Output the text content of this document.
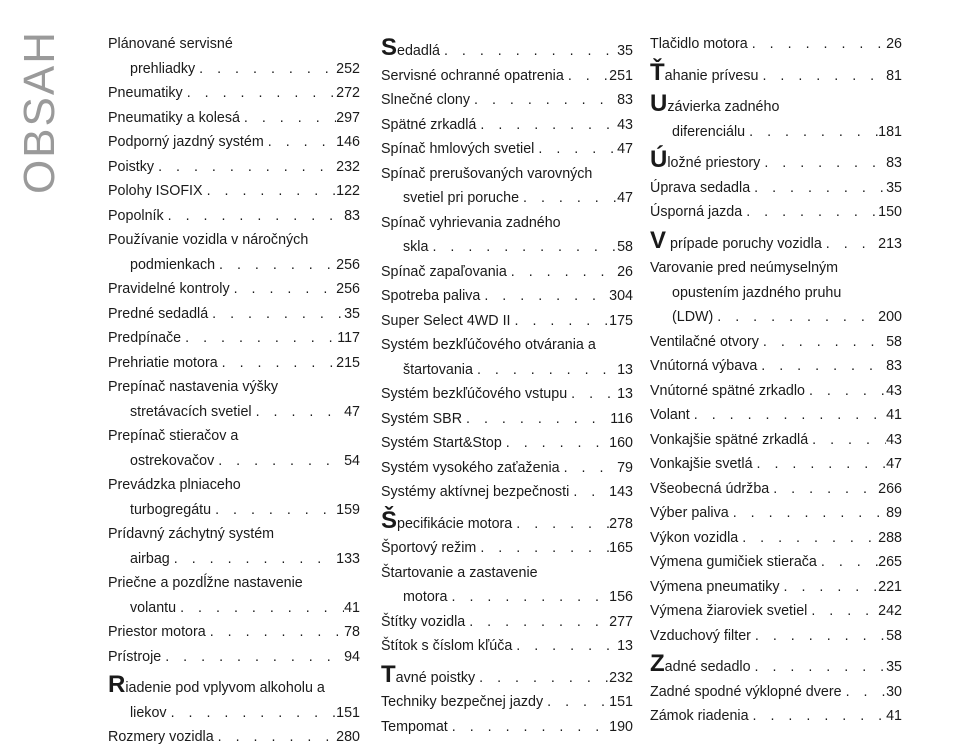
OBSAH	Plánované servisné
prehliadky . . .	252
Pneumatiky . . .	272
Pneumatiky a kolesá . . .	297
Podporný jazdný systém . . .	146
Poistky . . .	232
Polohy ISOFIX . . .	122
Popolník . . .	83
Používanie vozidla v náročných
podmienkach . . .	256
Pravidelné kontroly . . .	256
Predné sedadlá . . .	35
Predpínače . . .	117
Prehriatie motora . . .	215
Prepínač nastavenia výšky
stretávacích svetiel . . .	47
Prepínač stieračov a
ostrekovačov . . .	54
Prevádzka plniaceho
turbogregátu . . .	159
Prídavný záchytný systém
airbag . . .	133
Priečne a pozdĺžne nastavenie
volantu . . .	41
Priestor motora . . .	78
Prístroje . . .	94
Riadenie pod vplyvom alkoholu a
liekov . . .	151
Rozmery vozidla . . .	280
Sedadlá . . .	35
Servisné ochranné opatrenia . . .	251
Slnečné clony . . .	83
Spätné zrkadlá . . .	43
Spínač hmlových svetiel . . .	47
Spínač prerušovaných varovných
svetiel pri poruche . . .	47
Spínač vyhrievania zadného
skla . . .	58
Spínač zapaľovania . . .	26
Spotreba paliva . . .	304
Super Select 4WD II . . .	175
Systém bezkľúčového otvárania a
štartovania . . .	13
Systém bezkľúčového vstupu . . .	13
Systém SBR . . .	116
Systém Start&Stop . . .	160
Systém vysokého zaťaženia . . .	79
Systémy aktívnej bezpečnosti . . .	143
Špecifikácie motora . . .	278
Športový režim . . .	165
Štartovanie a zastavenie
motora . . .	156
Štítky vozidla . . .	277
Štítok s číslom kľúča . . .	13
Tavné poistky . . .	232
Techniky bezpečnej jazdy . . .	151
Tempomat . . .	190
Tlačidlo motora . . .	26
Ťahanie prívesu . . .	81
Uzávierka zadného
diferenciálu . . .	181
Úložné priestory . . .	83
Úprava sedadla . . .	35
Úsporná jazda . . .	150
V prípade poruchy vozidla . . .	213
Varovanie pred neúmyselným
opustením jazdného pruhu
(LDW) . . .	200
Ventilačné otvory . . .	58
Vnútorná výbava . . .	83
Vnútorné spätné zrkadlo . . .	43
Volant . . .	41
Vonkajšie spätné zrkadlá . . .	43
Vonkajšie svetlá . . .	47
Všeobecná údržba . . .	266
Výber paliva . . .	89
Výkon vozidla . . .	288
Výmena gumičiek stierača . . .	265
Výmena pneumatiky . . .	221
Výmena žiaroviek svetiel . . .	242
Vzduchový filter . . .	58
Zadné sedadlo . . .	35
Zadné spodné výklopné dvere . . .	30
Zámok riadenia . . .	41
